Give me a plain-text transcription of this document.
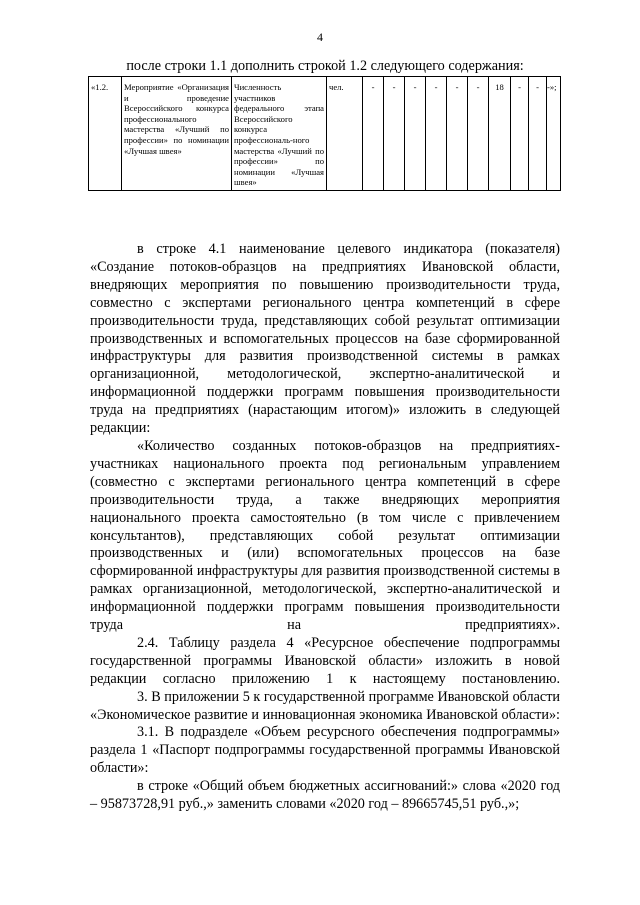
4
после строки 1.1 дополнить строкой 1.2 следующего содержания:
«1.2.	Мероприятие «Организация и проведение Всероссийского конкурса профессионального мастерства «Лучший по профессии» по номинации «Лучшая швея»	Численность участников федерального этапа Всероссийского конкурса профессиональ-ного мастерства «Лучший по профессии» по номинации «Лучшая швея»	чел.	-	-	-	-	-	-	18	-	-	-»;

в строке 4.1 наименование целевого индикатора (показателя) «Создание потоков-образцов на предприятиях Ивановской области, внедряющих мероприятия по повышению производительности труда, совместно с экспертами регионального центра компетенций в сфере производительности труда, представляющих собой результат оптимизации производственных и вспомогательных процессов на базе сформированной инфраструктуры для развития производственной системы в рамках организационной, методологической, экспертно-аналитической и информационной поддержки программ повышения производительности труда на предприятиях (нарастающим итогом)» изложить в следующей редакции:

«Количество созданных потоков-образцов на предприятиях-участниках национального проекта под региональным управлением (совместно с экспертами регионального центра компетенций в сфере производительности труда, а также внедряющих мероприятия национального проекта самостоятельно (в том числе с привлечением консультантов), представляющих собой результат оптимизации производственных и (или) вспомогательных процессов на базе сформированной инфраструктуры для развития производственной системы в рамках организационной, методологической, экспертно-аналитической и информационной поддержки программ повышения производительности труда на предприятиях».

2.4. Таблицу раздела 4 «Ресурсное обеспечение подпрограммы государственной программы Ивановской области» изложить в новой редакции согласно приложению 1 к настоящему постановлению.

3. В приложении 5 к государственной программе Ивановской области «Экономическое развитие и инновационная экономика Ивановской области»:

3.1. В подразделе «Объем ресурсного обеспечения подпрограммы» раздела 1 «Паспорт подпрограммы государственной программы Ивановской области»:

в строке «Общий объем бюджетных ассигнований:» слова «2020 год – 95873728,91 руб.,» заменить словами «2020 год – 89665745,51 руб.,»;
